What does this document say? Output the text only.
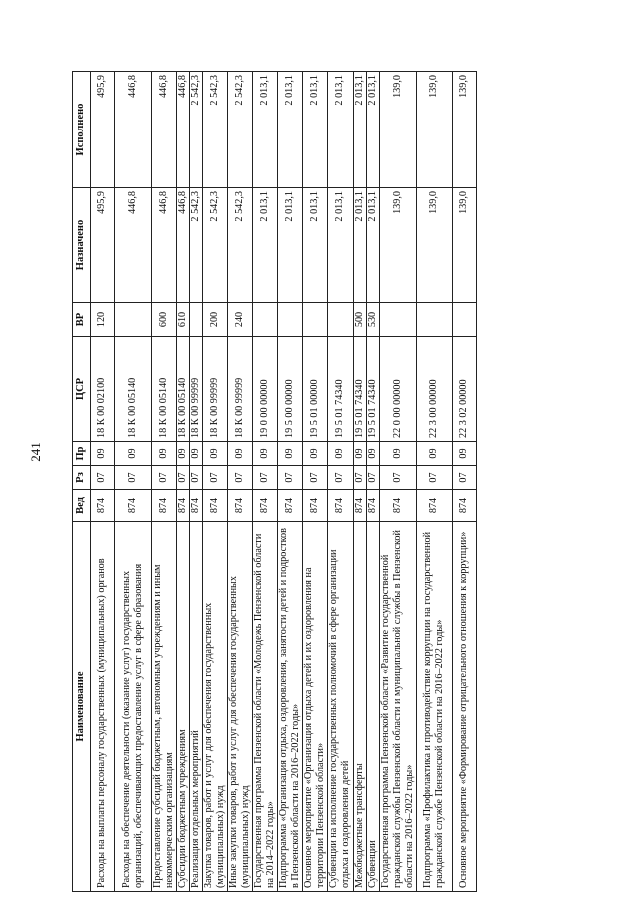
241
Наименование	Вед	Рз	Пр	ЦСР	ВР	Назначено	Исполнено
Расходы на выплаты персоналу государственных (муниципальных) органов	874	07	09	18 К 00 02100	120	495,9	495,9
Расходы на обеспечение деятельности (оказание услуг) государственных организаций, обеспечивающих предоставление услуг в сфере образования	874	07	09	18 К 00 05140		446,8	446,8
Предоставление субсидий бюджетным, автономным учреждениям и иным некоммерческим организациям	874	07	09	18 К 00 05140	600	446,8	446,8
Субсидии бюджетным учреждениям	874	07	09	18 К 00 05140	610	446,8	446,8
Реализация отдельных мероприятий	874	07	09	18 К 00 99999		2 542,3	2 542,3
Закупка товаров, работ и услуг для обеспечения государственных (муниципальных) нужд	874	07	09	18 К 00 99999	200	2 542,3	2 542,3
Иные закупки товаров, работ и услуг для обеспечения государственных (муниципальных) нужд	874	07	09	18 К 00 99999	240	2 542,3	2 542,3
Государственная программа Пензенской области «Молодежь Пензенской области на 2014–2022 годы»	874	07	09	19 0 00 00000		2 013,1	2 013,1
Подпрограмма «Организация отдыха, оздоровления, занятости детей и подростков в Пензенской области на 2016–2022 годы»	874	07	09	19 5 00 00000		2 013,1	2 013,1
Основное мероприятие «Организация отдыха детей и их оздоровления на территории Пензенской области»	874	07	09	19 5 01 00000		2 013,1	2 013,1
Субвенции на исполнение государственных полномочий в сфере организации отдыха и оздоровления детей	874	07	09	19 5 01 74340		2 013,1	2 013,1
Межбюджетные трансферты	874	07	09	19 5 01 74340	500	2 013,1	2 013,1
Субвенции	874	07	09	19 5 01 74340	530	2 013,1	2 013,1
Государственная программа Пензенской области «Развитие государственной гражданской службы Пензенской области и муниципальной службы в Пензенской области на 2016–2022 годы»	874	07	09	22 0 00 00000		139,0	139,0
Подпрограмма «Профилактика и противодействие коррупции на государственной гражданской службе Пензенской области на 2016–2022 годы»	874	07	09	22 3 00 00000		139,0	139,0
Основное мероприятие «Формирование отрицательного отношения к коррупции»	874	07	09	22 3 02 00000		139,0	139,0
